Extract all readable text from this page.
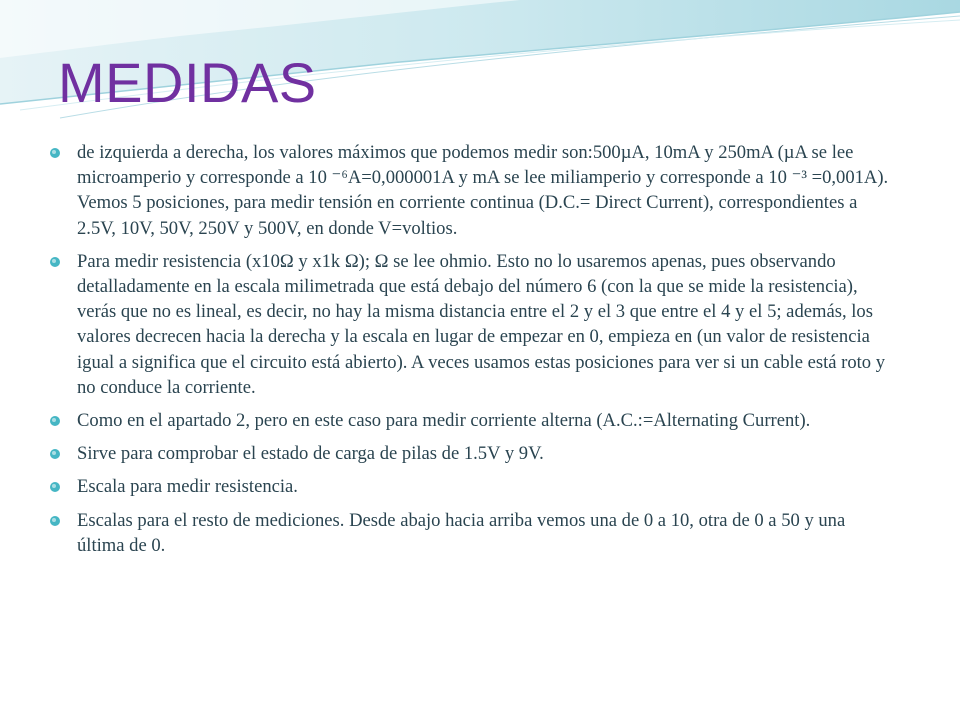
MEDIDAS
de izquierda a derecha, los valores máximos que podemos medir son:500µA, 10mA y 250mA (µA se lee microamperio y corresponde a 10 ⁻⁶A=0,000001A y mA se lee miliamperio y corresponde a 10 ⁻³ =0,001A). Vemos 5 posiciones, para medir tensión en corriente continua (D.C.= Direct Current), correspondientes a 2.5V, 10V, 50V, 250V y 500V, en donde V=voltios.
Para medir resistencia (x10Ω y x1k Ω); Ω se lee ohmio. Esto no lo usaremos apenas, pues observando detalladamente en la escala milimetrada que está debajo del número 6 (con la que se mide la resistencia), verás que no es lineal, es decir, no hay la misma distancia entre el 2 y el 3 que entre el 4 y el 5; además, los valores decrecen hacia la derecha y la escala en lugar de empezar en 0, empieza en (un valor de resistencia igual a significa que el circuito está abierto). A veces usamos estas posiciones para ver si un cable está roto y no conduce la corriente.
Como en el apartado 2, pero en este caso para medir corriente alterna (A.C.:=Alternating Current).
Sirve para comprobar el estado de carga de pilas de 1.5V y 9V.
Escala para medir resistencia.
Escalas para el resto de mediciones. Desde abajo hacia arriba vemos una de 0 a 10, otra de 0 a 50 y una última de 0.
